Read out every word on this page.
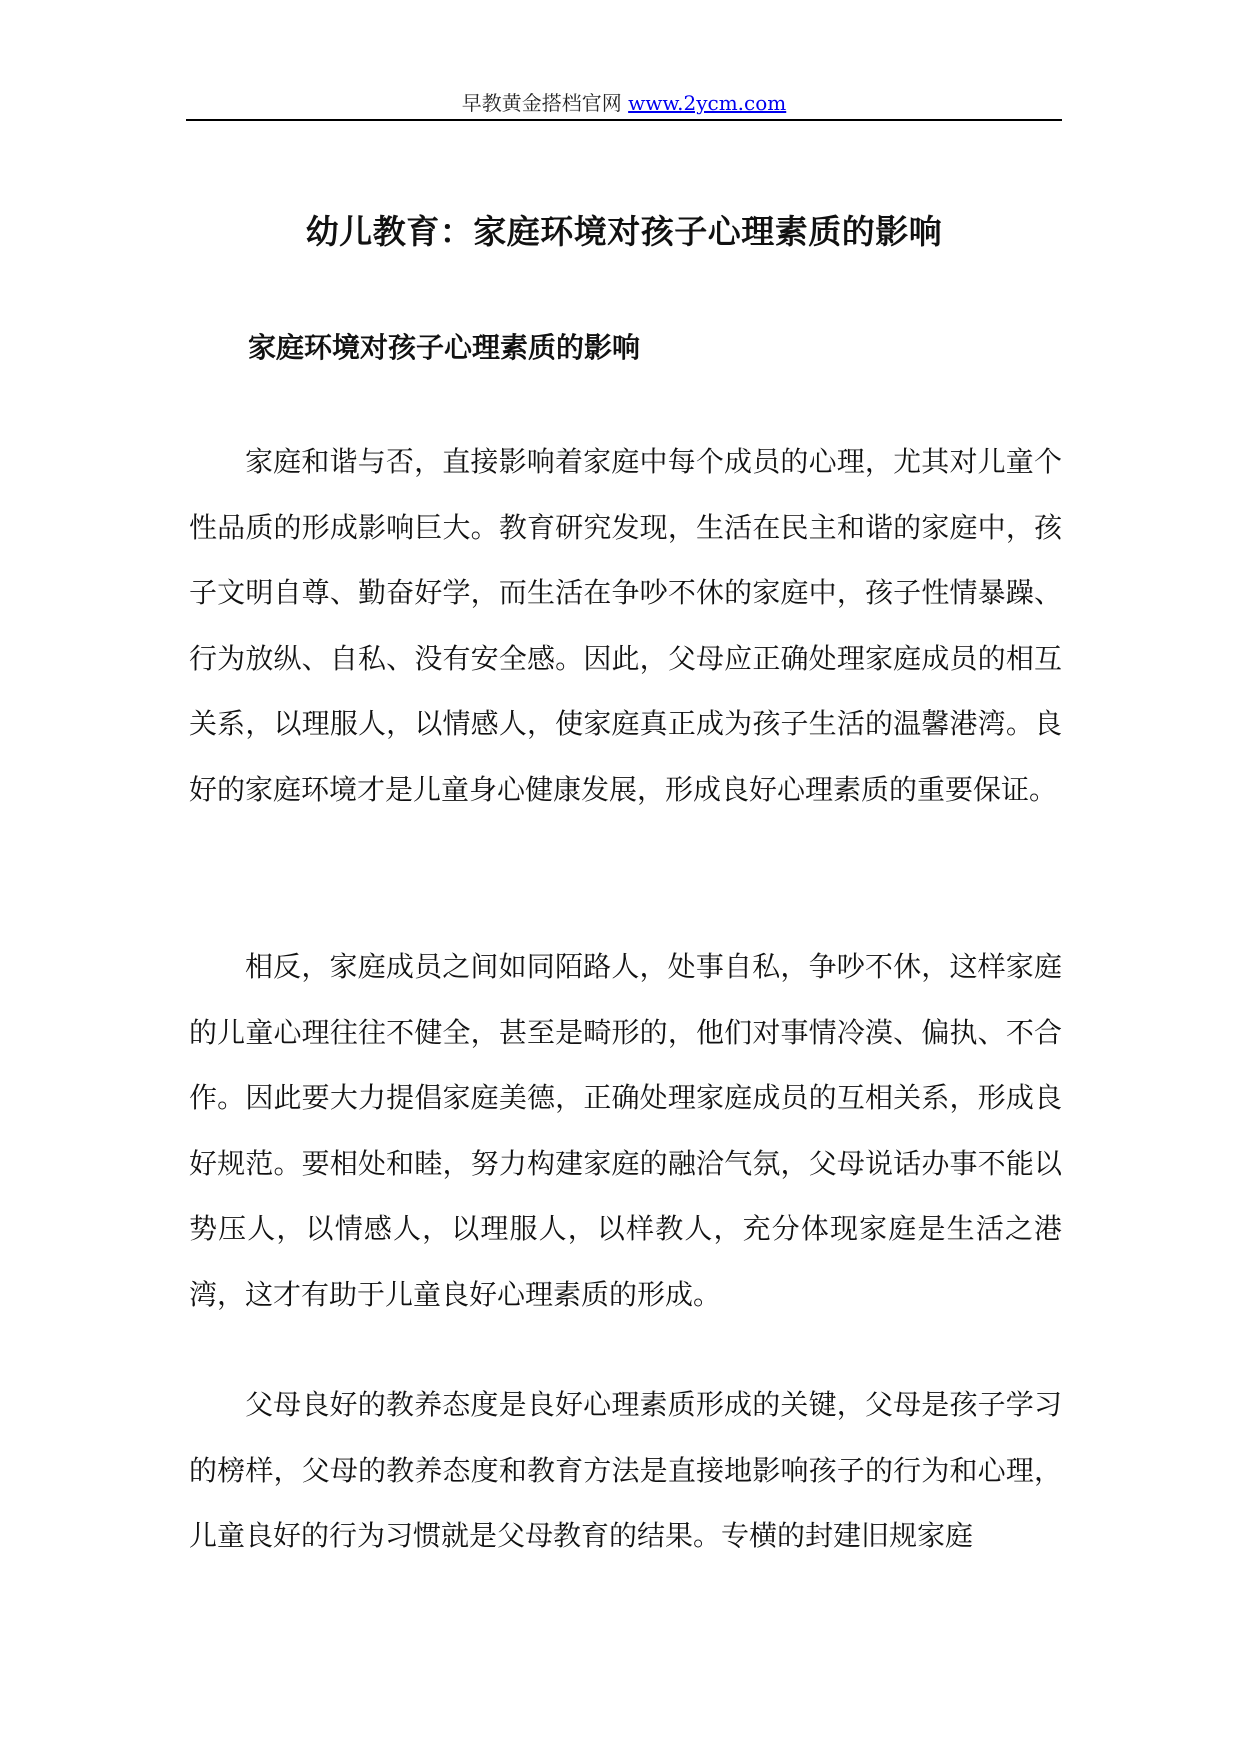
早教黄金搭档官网 www.2ycm.com
幼儿教育：家庭环境对孩子心理素质的影响
家庭环境对孩子心理素质的影响

家庭和谐与否，直接影响着家庭中每个成员的心理，尤其对儿童个性品质的形成影响巨大。教育研究发现，生活在民主和谐的家庭中，孩子文明自尊、勤奋好学，而生活在争吵不休的家庭中，孩子性情暴躁、行为放纵、自私、没有安全感。因此，父母应正确处理家庭成员的相互关系，以理服人，以情感人，使家庭真正成为孩子生活的温馨港湾。良好的家庭环境才是儿童身心健康发展，形成良好心理素质的重要保证。

相反，家庭成员之间如同陌路人，处事自私，争吵不休，这样家庭的儿童心理往往不健全，甚至是畸形的，他们对事情冷漠、偏执、不合作。因此要大力提倡家庭美德，正确处理家庭成员的互相关系，形成良好规范。要相处和睦，努力构建家庭的融洽气氛，父母说话办事不能以势压人，以情感人，以理服人，以样教人，充分体现家庭是生活之港湾，这才有助于儿童良好心理素质的形成。

父母良好的教养态度是良好心理素质形成的关键，父母是孩子学习的榜样，父母的教养态度和教育方法是直接地影响孩子的行为和心理，儿童良好的行为习惯就是父母教育的结果。专横的封建旧规家庭
